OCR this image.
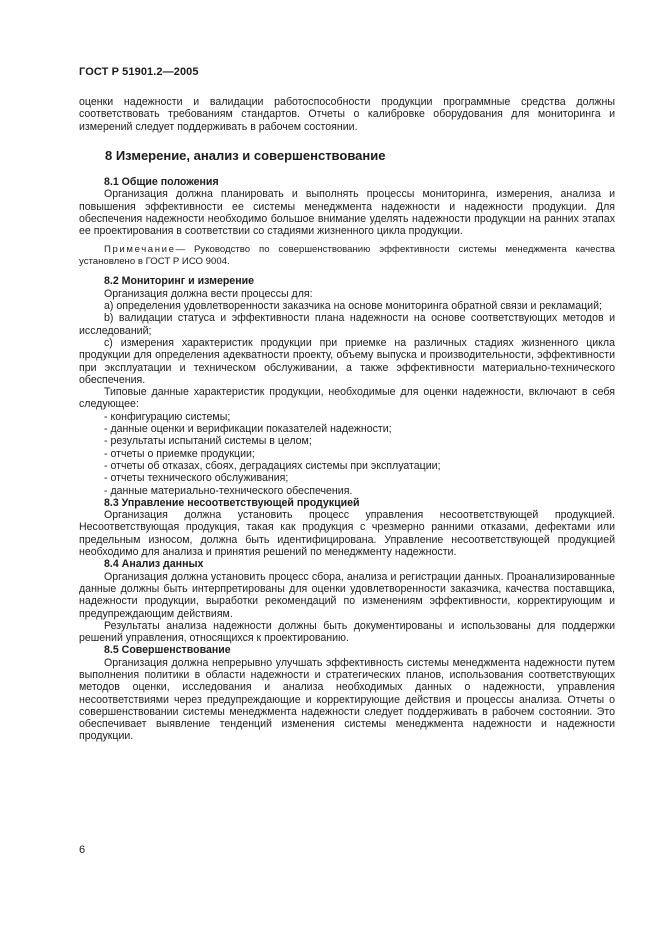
ГОСТ Р 51901.2—2005

оценки надежности и валидации работоспособности продукции программные средства должны соответствовать требованиям стандартов. Отчеты о калибровке оборудования для мониторинга и измерений следует поддерживать в рабочем состоянии.

8 Измерение, анализ и совершенствование

8.1 Общие положения

Организация должна планировать и выполнять процессы мониторинга, измерения, анализа и повышения эффективности ее системы менеджмента надежности и надежности продукции. Для обеспечения надежности необходимо большое внимание уделять надежности продукции на ранних этапах ее проектирования в соответствии со стадиями жизненного цикла продукции.

Примечание— Руководство по совершенствованию эффективности системы менеджмента качества установлено в ГОСТ Р ИСО 9004.

8.2 Мониторинг и измерение

Организация должна вести процессы для:

a) определения удовлетворенности заказчика на основе мониторинга обратной связи и рекламаций;

b) валидации статуса и эффективности плана надежности на основе соответствующих методов и исследований;

c) измерения характеристик продукции при приемке на различных стадиях жизненного цикла продукции для определения адекватности проекту, объему выпуска и производительности, эффективности при эксплуатации и техническом обслуживании, а также эффективности материально-технического обеспечения.

Типовые данные характеристик продукции, необходимые для оценки надежности, включают в себя следующее:

- конфигурацию системы;

- данные оценки и верификации показателей надежности;

- результаты испытаний системы в целом;

- отчеты о приемке продукции;

- отчеты об отказах, сбоях, деградациях системы при эксплуатации;

- отчеты технического обслуживания;

- данные материально-технического обеспечения.

8.3 Управление несоответствующей продукцией

Организация должна установить процесс управления несоответствующей продукцией. Несоответствующая продукция, такая как продукция с чрезмерно ранними отказами, дефектами или предельным износом, должна быть идентифицирована. Управление несоответствующей продукцией необходимо для анализа и принятия решений по менеджменту надежности.

8.4 Анализ данных

Организация должна установить процесс сбора, анализа и регистрации данных. Проанализированные данные должны быть интерпретированы для оценки удовлетворенности заказчика, качества поставщика, надежности продукции, выработки рекомендаций по изменениям эффективности, корректирующим и предупреждающим действиям.

Результаты анализа надежности должны быть документированы и использованы для поддержки решений управления, относящихся к проектированию.

8.5 Совершенствование

Организация должна непрерывно улучшать эффективность системы менеджмента надежности путем выполнения политики в области надежности и стратегических планов, использования соответствующих методов оценки, исследования и анализа необходимых данных о надежности, управления несоответствиями через предупреждающие и корректирующие действия и процессы анализа. Отчеты о совершенствовании системы менеджмента надежности следует поддерживать в рабочем состоянии. Это обеспечивает выявление тенденций изменения системы менеджмента надежности и надежности продукции.

6
